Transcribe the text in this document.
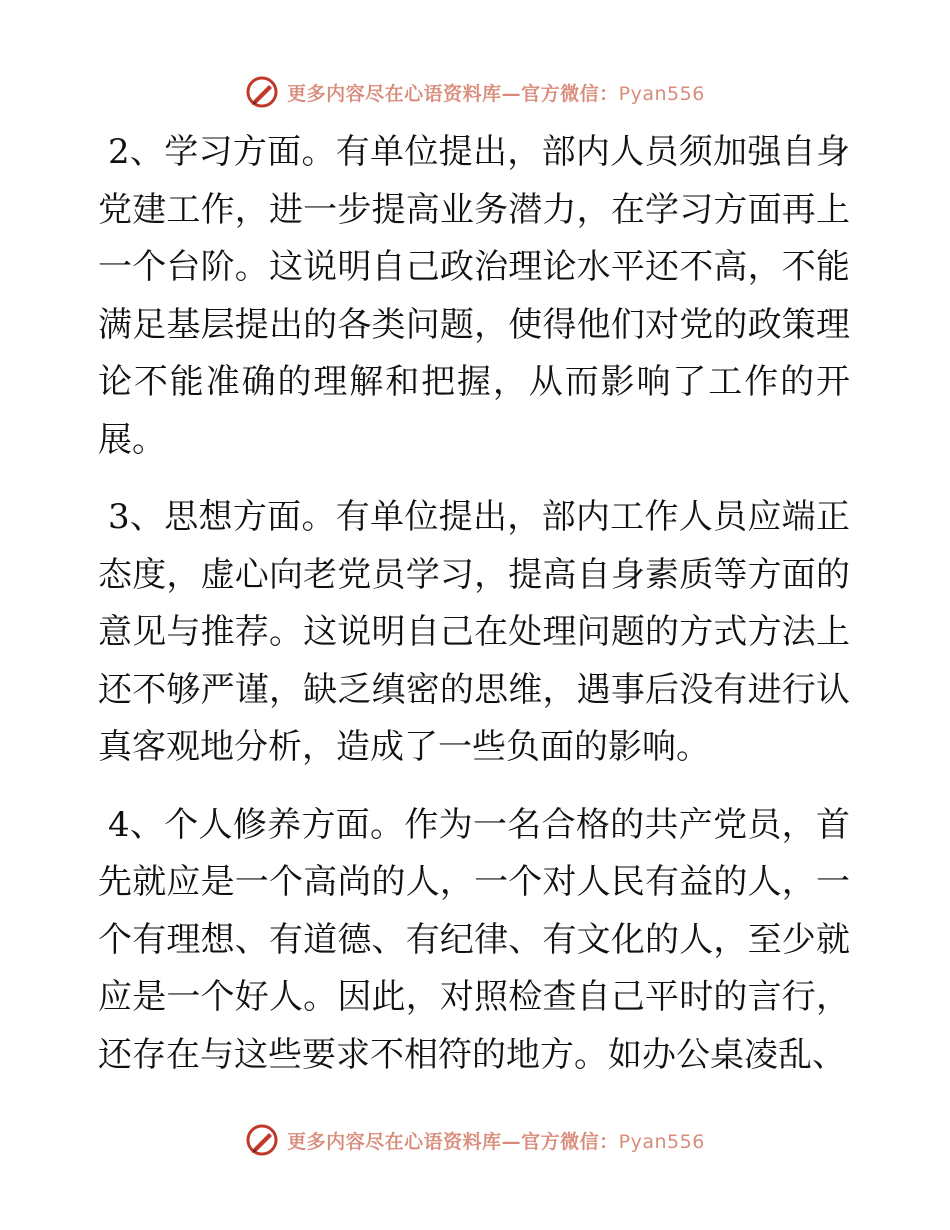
更多内容尽在心语资料库—官方微信：Pyan556

2、学习方面。有单位提出，部内人员须加强自身党建工作，进一步提高业务潜力，在学习方面再上一个台阶。这说明自己政治理论水平还不高，不能满足基层提出的各类问题，使得他们对党的政策理论不能准确的理解和把握，从而影响了工作的开展。

3、思想方面。有单位提出，部内工作人员应端正态度，虚心向老党员学习，提高自身素质等方面的意见与推荐。这说明自己在处理问题的方式方法上还不够严谨，缺乏缜密的思维，遇事后没有进行认真客观地分析，造成了一些负面的影响。

4、个人修养方面。作为一名合格的共产党员，首先就应是一个高尚的人，一个对人民有益的人，一个有理想、有道德、有纪律、有文化的人，至少就应是一个好人。因此，对照检查自己平时的言行，还存在与这些要求不相符的地方。如办公桌凌乱、

更多内容尽在心语资料库—官方微信：Pyan556
